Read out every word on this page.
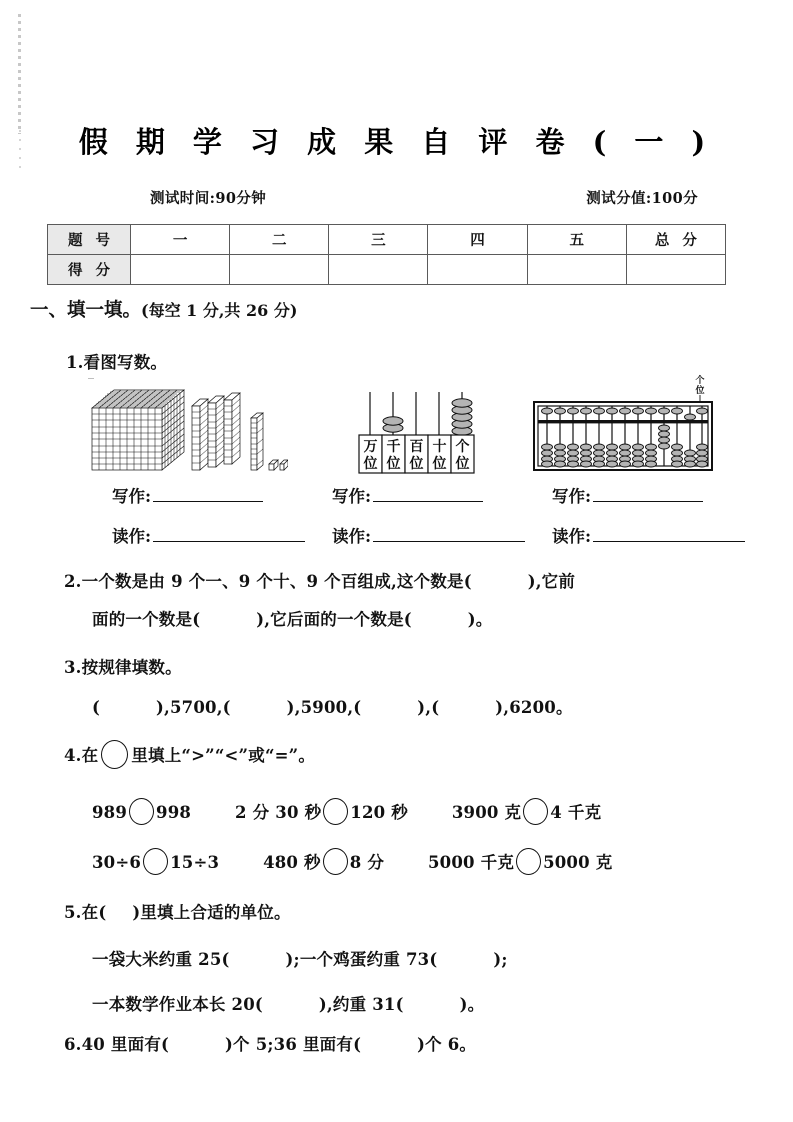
假 期 学 习 成 果 自 评 卷 ( 一 )
测试时间:90分钟	测试分值:100分
题 号	一	二	三	四	五	总 分
得 分						
一、填一填。(每空 1 分,共 26 分)
1.看图写数。
万
位
千
位
百
位
十
位
个
位
个
位
写作:	写作:	写作:
读作:	读作:	读作:
2.一个数是由 9 个一、9 个十、9 个百组成,这个数是(	),它前
面的一个数是(	),它后面的一个数是(	)。
3.按规律填数。
(	),5700,(	),5900,(	),(	),6200。
4.在 里填上“>”“<”或“=”。
989 998	2 分 30 秒 120 秒	3900 克 4 千克
30÷6 15÷3	480 秒 8 分	5000 千克 5000 克
5.在( )里填上合适的单位。
一袋大米约重 25(	);一个鸡蛋约重 73(	);
一本数学作业本长 20(	),约重 31(	)。
6.40 里面有(	)个 5;36 里面有(	)个 6。
